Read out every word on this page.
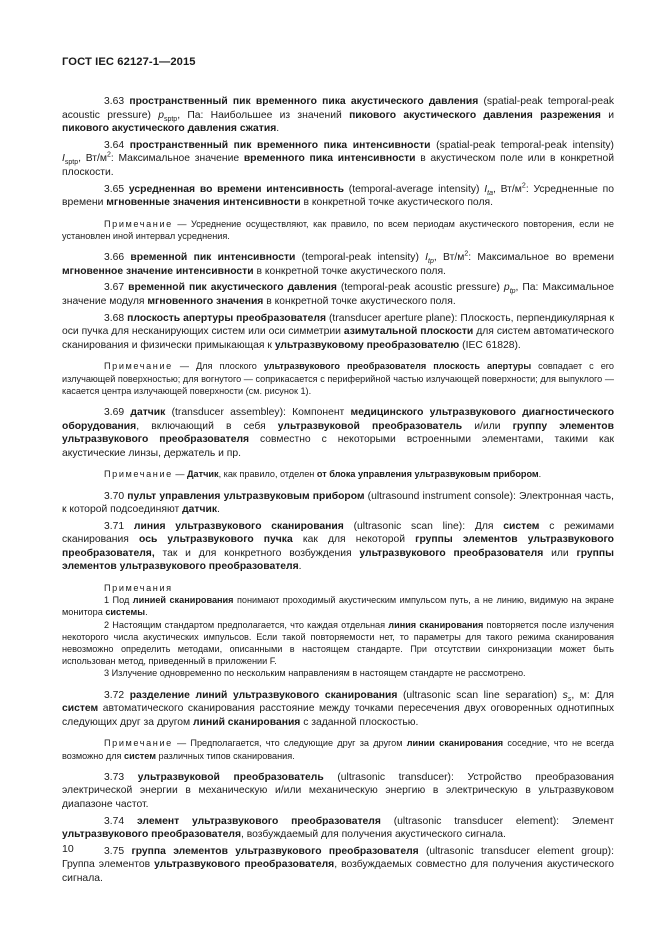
ГОСТ IEC 62127-1—2015

3.63 пространственный пик временного пика акустического давления (spatial-peak temporal-peak acoustic pressure) $p_{sptp}$, Па: Наибольшее из значений пикового акустического давления разрежения и пикового акустического давления сжатия.

3.64 пространственный пик временного пика интенсивности (spatial-peak temporal-peak intensity) $I_{sptp}$, $Вт/м^2$: Максимальное значение временного пика интенсивности в акустическом поле или в конкретной плоскости.

3.65 усредненная во времени интенсивность (temporal-average intensity) $I_{ta}$, $Вт/м^2$: Усредненные по времени мгновенные значения интенсивности в конкретной точке акустического поля.

Примечание — Усреднение осуществляют, как правило, по всем периодам акустического повторения, если не установлен иной интервал усреднения.

3.66 временной пик интенсивности (temporal-peak intensity) $I_{tp}$, $Вт/м^2$: Максимальное во времени мгновенное значение интенсивности в конкретной точке акустического поля.

3.67 временной пик акустического давления (temporal-peak acoustic pressure) $p_{tp}$, Па: Максимальное значение модуля мгновенного значения в конкретной точке акустического поля.

3.68 плоскость апертуры преобразователя (transducer aperture plane): Плоскость, перпендикулярная к оси пучка для несканирующих систем или оси симметрии азимутальной плоскости для систем автоматического сканирования и физически примыкающая к ультразвуковому преобразователю (IEC 61828).

Примечание — Для плоского ультразвукового преобразователя плоскость апертуры совпадает с его излучающей поверхностью; для вогнутого — соприкасается с периферийной частью излучающей поверхности; для выпуклого — касается центра излучающей поверхности (см. рисунок 1).

3.69 датчик (transducer assembley): Компонент медицинского ультразвукового диагностического оборудования, включающий в себя ультразвуковой преобразователь и/или группу элементов ультразвукового преобразователя совместно с некоторыми встроенными элементами, такими как акустические линзы, держатель и пр.

Примечание — Датчик, как правило, отделен от блока управления ультразвуковым прибором.

3.70 пульт управления ультразвуковым прибором (ultrasound instrument console): Электронная часть, к которой подсоединяют датчик.

3.71 линия ультразвукового сканирования (ultrasonic scan line): Для систем с режимами сканирования ось ультразвукового пучка как для некоторой группы элементов ультразвукового преобразователя, так и для конкретного возбуждения ультразвукового преобразователя или группы элементов ультразвукового преобразователя.

Примечания
1 Под линией сканирования понимают проходимый акустическим импульсом путь, а не линию, видимую на экране монитора системы.
2 Настоящим стандартом предполагается, что каждая отдельная линия сканирования повторяется после излучения некоторого числа акустических импульсов. Если такой повторяемости нет, то параметры для такого режима сканирования невозможно определить методами, описанными в настоящем стандарте. При отсутствии синхронизации может быть использован метод, приведенный в приложении F.
3 Излучение одновременно по нескольким направлениям в настоящем стандарте не рассмотрено.

3.72 разделение линий ультразвукового сканирования (ultrasonic scan line separation) $s_s$, м: Для систем автоматического сканирования расстояние между точками пересечения двух оговоренных однотипных следующих друг за другом линий сканирования с заданной плоскостью.

Примечание — Предполагается, что следующие друг за другом линии сканирования соседние, что не всегда возможно для систем различных типов сканирования.

3.73 ультразвуковой преобразователь (ultrasonic transducer): Устройство преобразования электрической энергии в механическую и/или механическую энергию в электрическую в ультразвуковом диапазоне частот.

3.74 элемент ультразвукового преобразователя (ultrasonic transducer element): Элемент ультразвукового преобразователя, возбуждаемый для получения акустического сигнала.

3.75 группа элементов ультразвукового преобразователя (ultrasonic transducer element group): Группа элементов ультразвукового преобразователя, возбуждаемых совместно для получения акустического сигнала.

10
